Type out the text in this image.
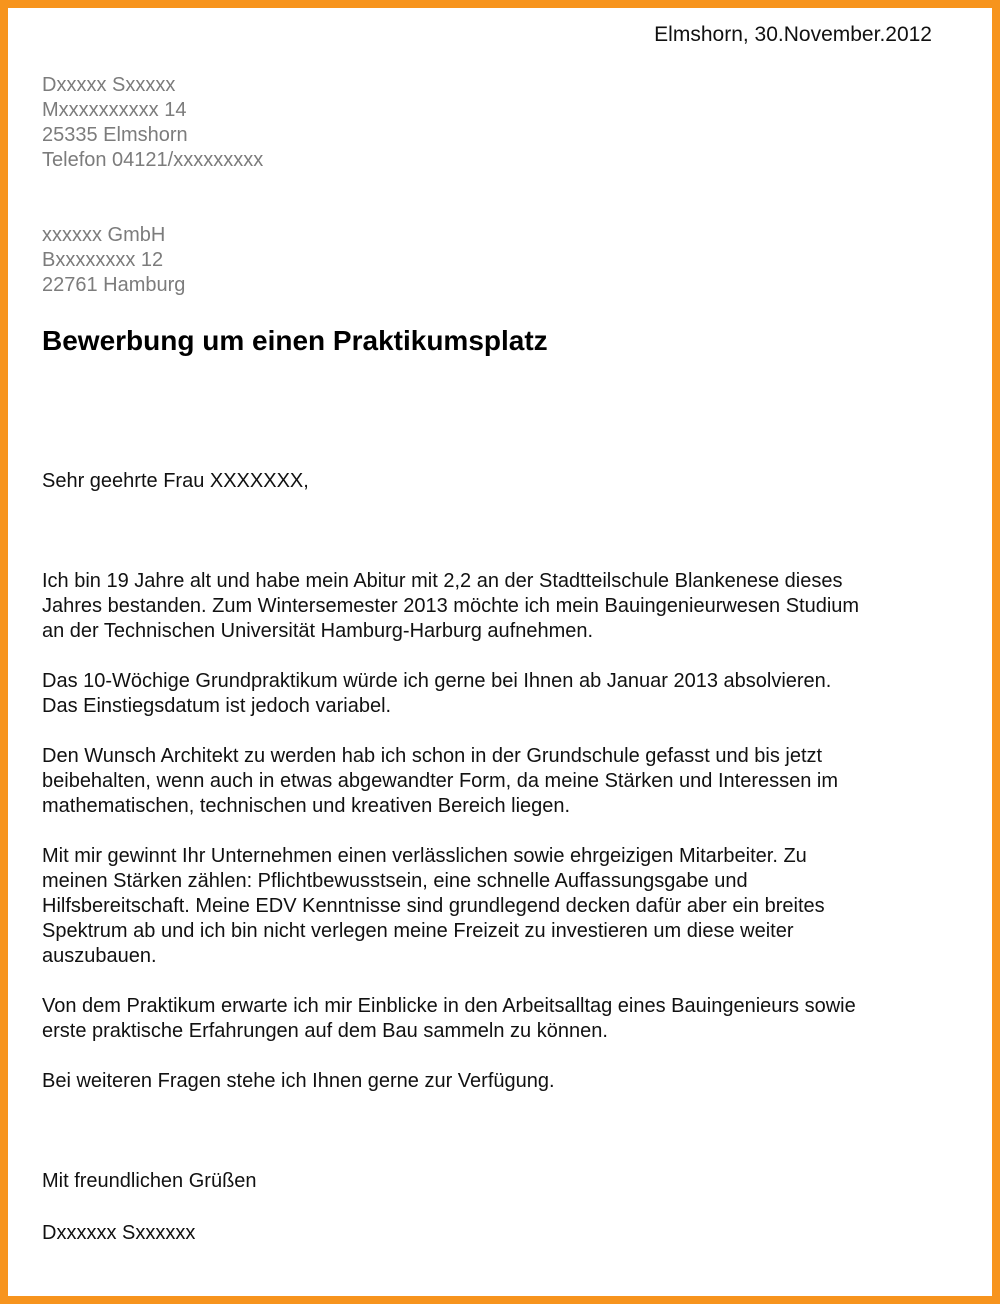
Elmshorn, 30.November.2012
Dxxxxx Sxxxxx
Mxxxxxxxxxx 14
25335 Elmshorn
Telefon 04121/xxxxxxxxx
xxxxxx GmbH
Bxxxxxxxx 12
22761 Hamburg
Bewerbung um einen Praktikumsplatz
Sehr geehrte Frau XXXXXXX,

Ich bin 19 Jahre alt und habe mein Abitur mit 2,2 an der Stadtteilschule Blankenese dieses
Jahres bestanden. Zum Wintersemester 2013 möchte ich mein Bauingenieurwesen Studium
an der Technischen Universität Hamburg-Harburg aufnehmen.

Das 10-Wöchige Grundpraktikum würde ich gerne bei Ihnen ab Januar 2013 absolvieren.
Das Einstiegsdatum ist jedoch variabel.

Den Wunsch Architekt zu werden hab ich schon in der Grundschule gefasst und bis jetzt
beibehalten, wenn auch in etwas abgewandter Form, da meine Stärken und Interessen im
mathematischen, technischen und kreativen Bereich liegen.

Mit mir gewinnt Ihr Unternehmen einen verlässlichen sowie ehrgeizigen Mitarbeiter. Zu
meinen Stärken zählen: Pflichtbewusstsein, eine schnelle Auffassungsgabe und
Hilfsbereitschaft. Meine EDV Kenntnisse sind grundlegend decken dafür aber ein breites
Spektrum ab und ich bin nicht verlegen meine Freizeit zu investieren um diese weiter
auszubauen.

Von dem Praktikum erwarte ich mir Einblicke in den Arbeitsalltag eines Bauingenieurs sowie
erste praktische Erfahrungen auf dem Bau sammeln zu können.

Bei weiteren Fragen stehe ich Ihnen gerne zur Verfügung.

Mit freundlichen Grüßen
Dxxxxxx Sxxxxxx
